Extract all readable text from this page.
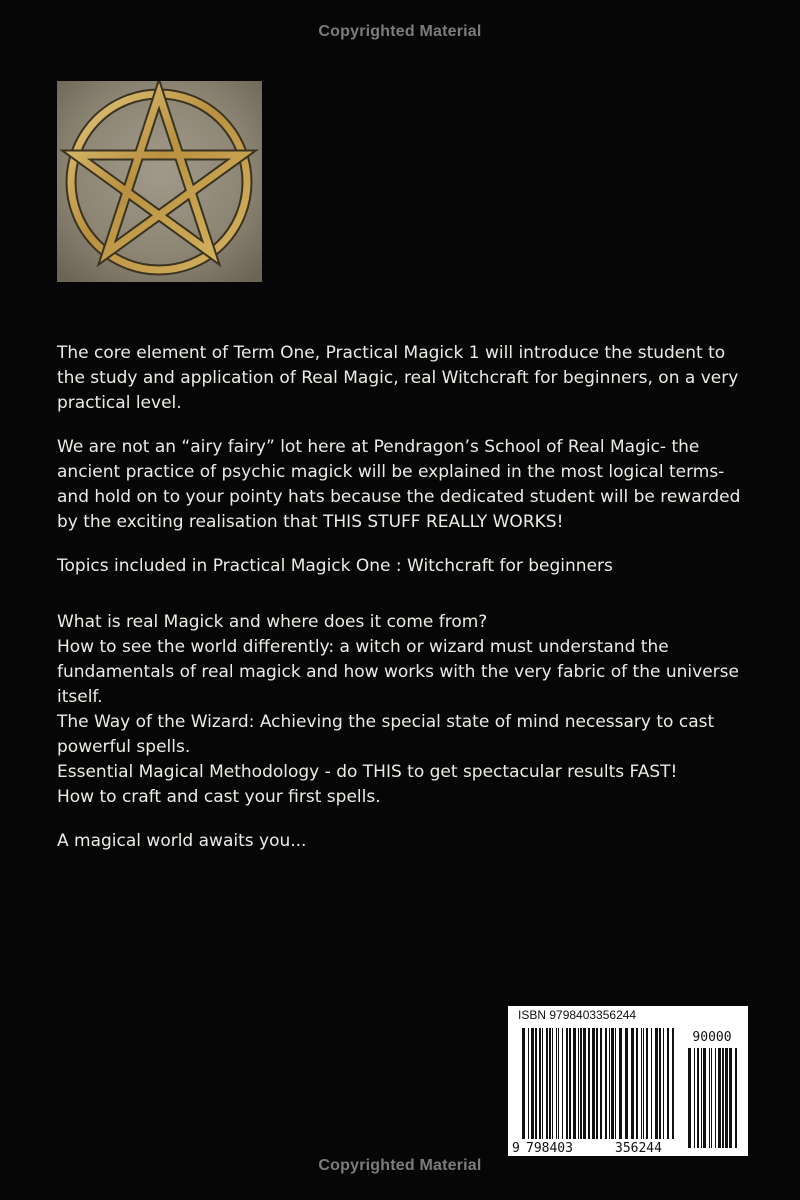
Copyrighted Material

The core element of Term One, Practical Magick 1 will introduce the student to the study and application of Real Magic, real Witchcraft for beginners, on a very practical level.

We are not an “airy fairy” lot here at Pendragon’s School of Real Magic- the ancient practice of psychic magick will be explained in the most logical terms- and hold on to your pointy hats because the dedicated student will be rewarded by the exciting realisation that THIS STUFF REALLY WORKS!

Topics included in Practical Magick One : Witchcraft for beginners

What is real Magick and where does it come from?
How to see the world differently: a witch or wizard must understand the fundamentals of real magick and how works with the very fabric of the universe itself.
The Way of the Wizard: Achieving the special state of mind necessary to cast powerful spells.
Essential Magical Methodology - do THIS to get spectacular results FAST!
How to craft and cast your first spells.

A magical world awaits you...

ISBN 9798403356244
90000
9 798403	356244
Copyrighted Material
